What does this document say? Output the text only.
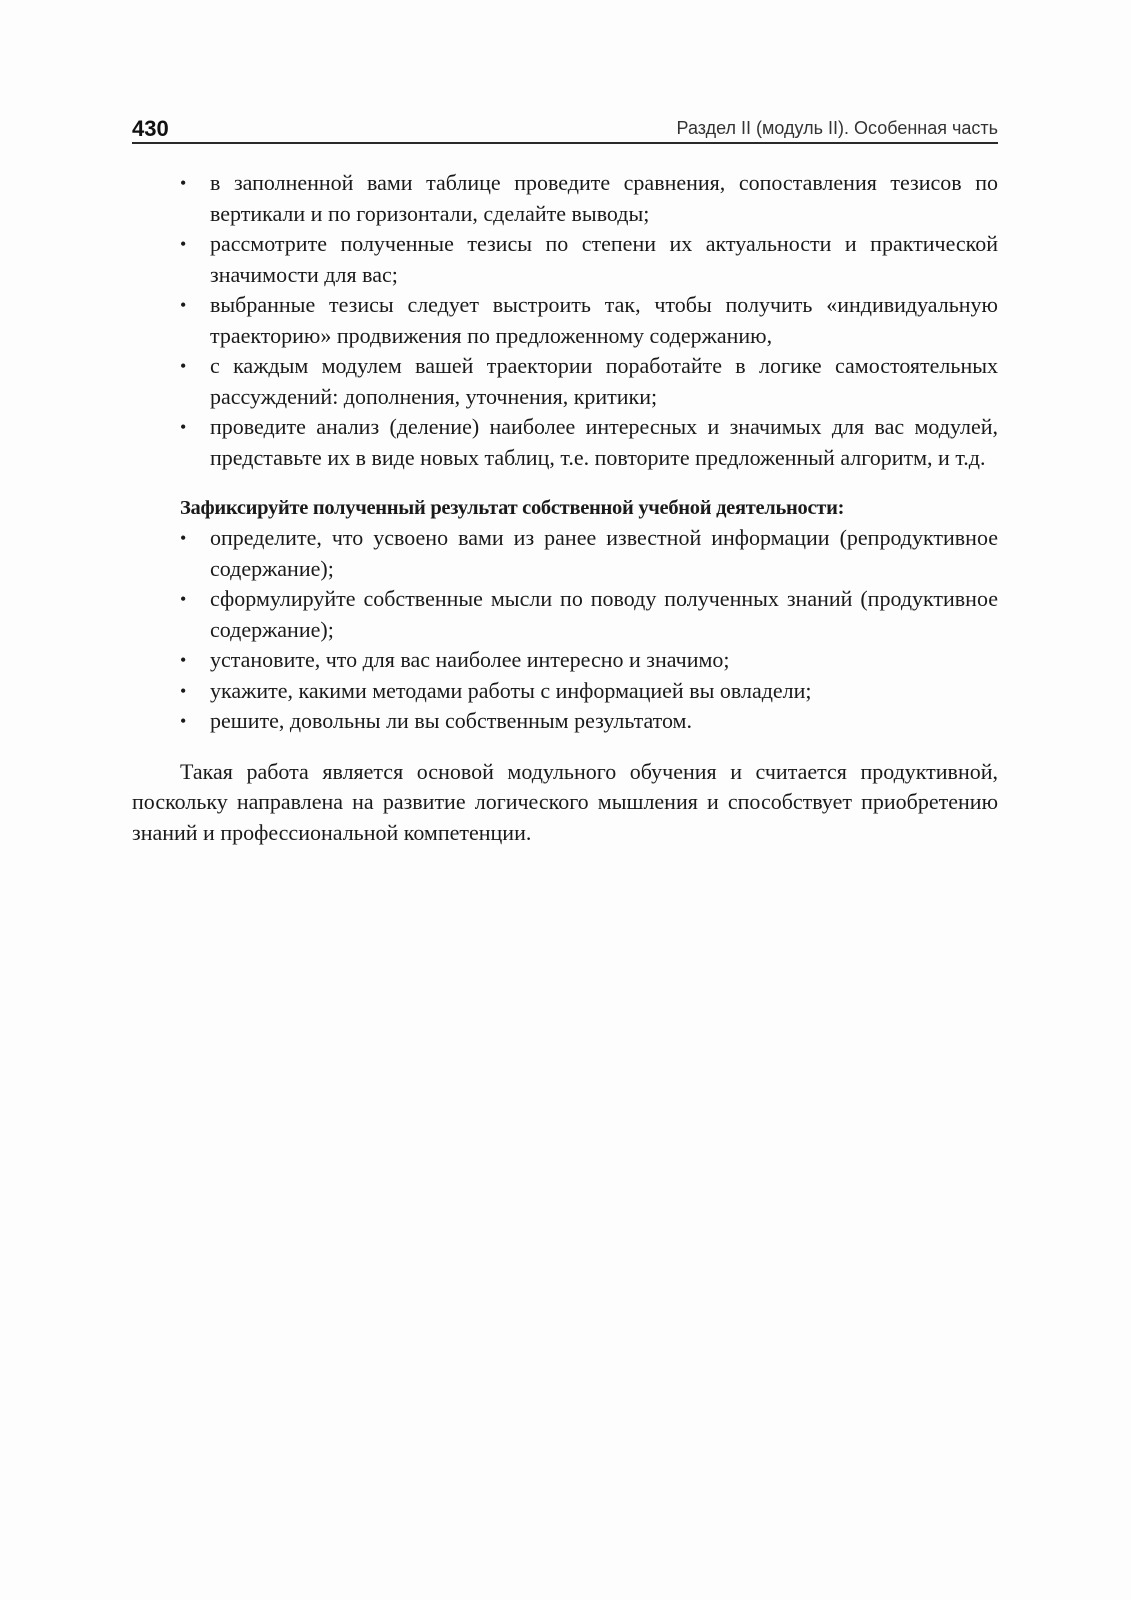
430	Раздел II (модуль II). Особенная часть
• в заполненной вами таблице проведите сравнения, сопоставления тезисов по вертикали и по горизонтали, сделайте выводы;
• рассмотрите полученные тезисы по степени их актуальности и практической значимости для вас;
• выбранные тезисы следует выстроить так, чтобы получить «индивидуальную траекторию» продвижения по предложенному содержанию,
• с каждым модулем вашей траектории поработайте в логике самостоятельных рассуждений: дополнения, уточнения, критики;
• проведите анализ (деление) наиболее интересных и значимых для вас модулей, представьте их в виде новых таблиц, т.е. повторите предложенный алгоритм, и т.д.
Зафиксируйте полученный результат собственной учебной деятельности:
• определите, что усвоено вами из ранее известной информации (репродуктивное содержание);
• сформулируйте собственные мысли по поводу полученных знаний (продуктивное содержание);
• установите, что для вас наиболее интересно и значимо;
• укажите, какими методами работы с информацией вы овладели;
• решите, довольны ли вы собственным результатом.

Такая работа является основой модульного обучения и считается продуктивной, поскольку направлена на развитие логического мышления и способствует приобретению знаний и профессиональной компетенции.
